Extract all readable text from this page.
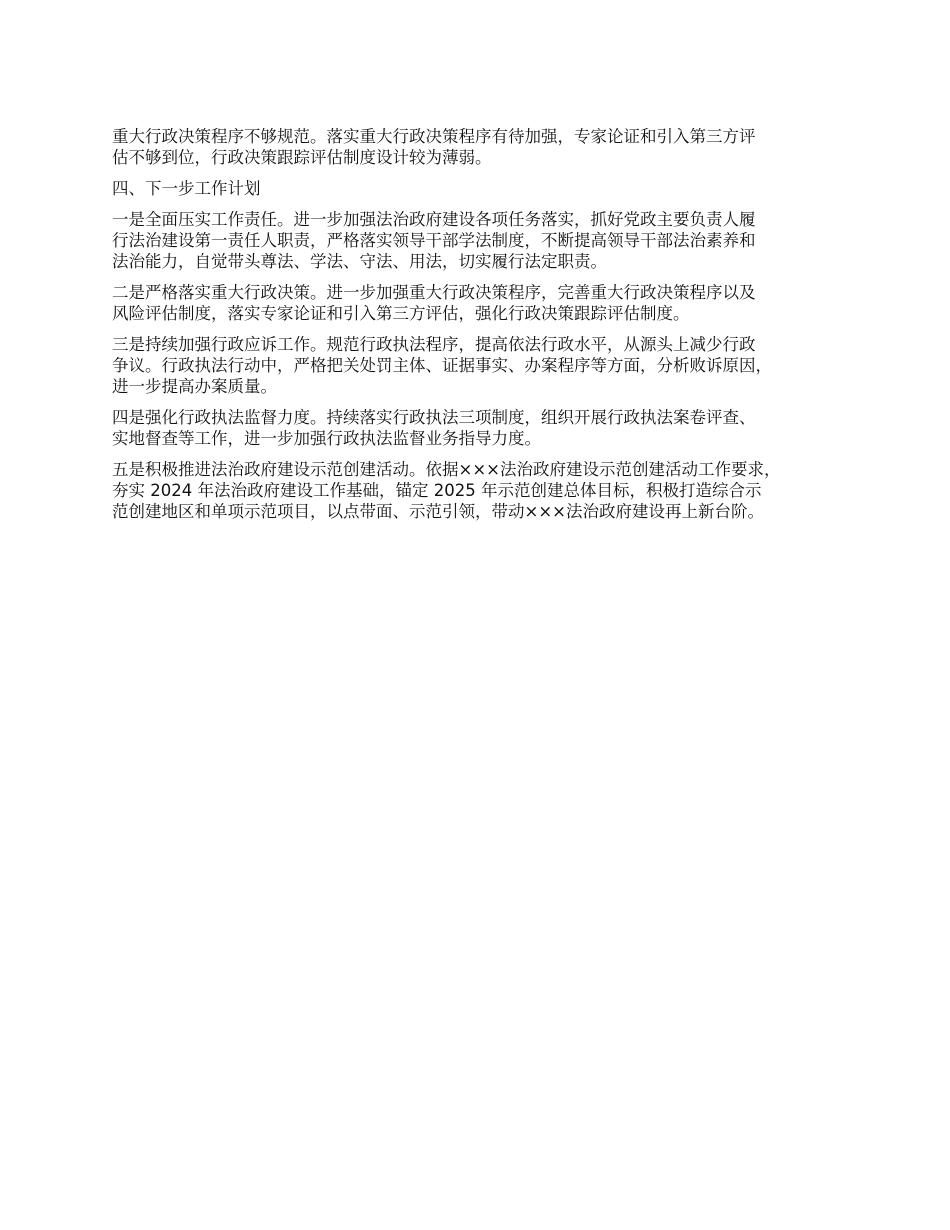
重大行政决策程序不够规范。落实重大行政决策程序有待加强，专家论证和引入第三方评
估不够到位，行政决策跟踪评估制度设计较为薄弱。

四、下一步工作计划

一是全面压实工作责任。进一步加强法治政府建设各项任务落实，抓好党政主要负责人履
行法治建设第一责任人职责，严格落实领导干部学法制度，不断提高领导干部法治素养和
法治能力，自觉带头尊法、学法、守法、用法，切实履行法定职责。

二是严格落实重大行政决策。进一步加强重大行政决策程序，完善重大行政决策程序以及
风险评估制度，落实专家论证和引入第三方评估，强化行政决策跟踪评估制度。

三是持续加强行政应诉工作。规范行政执法程序，提高依法行政水平，从源头上减少行政
争议。行政执法行动中，严格把关处罚主体、证据事实、办案程序等方面，分析败诉原因，
进一步提高办案质量。

四是强化行政执法监督力度。持续落实行政执法三项制度，组织开展行政执法案卷评查、
实地督查等工作，进一步加强行政执法监督业务指导力度。

五是积极推进法治政府建设示范创建活动。依据×××法治政府建设示范创建活动工作要求，
夯实 2024 年法治政府建设工作基础，锚定 2025 年示范创建总体目标，积极打造综合示
范创建地区和单项示范项目，以点带面、示范引领，带动×××法治政府建设再上新台阶。
